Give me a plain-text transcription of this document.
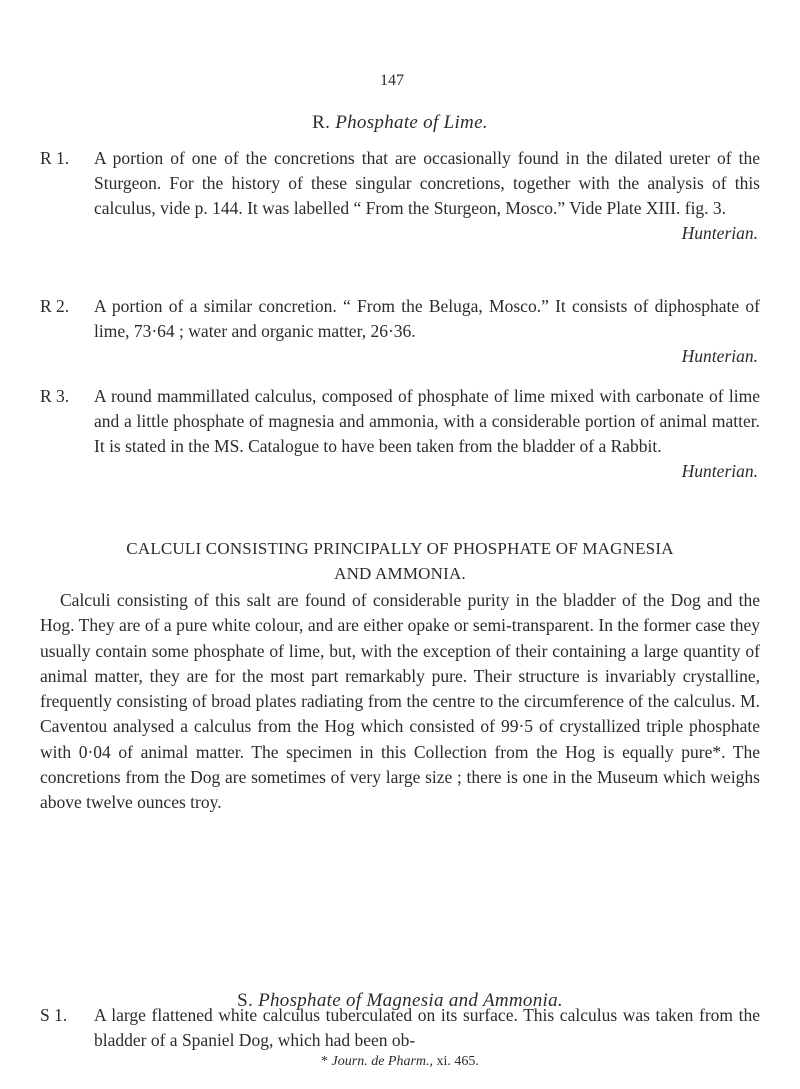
147
R. Phosphate of Lime.
R 1. A portion of one of the concretions that are occasionally found in the dilated ureter of the Sturgeon. For the history of these singular concretions, together with the analysis of this calculus, vide p. 144. It was labelled “ From the Sturgeon, Mosco.” Vide Plate XIII. fig. 3.
Hunterian.
R 2. A portion of a similar concretion. “ From the Beluga, Mosco.” It consists of diphosphate of lime, 73·64 ; water and organic matter, 26·36.
Hunterian.
R 3. A round mammillated calculus, composed of phosphate of lime mixed with carbonate of lime and a little phosphate of magnesia and ammonia, with a considerable portion of animal matter. It is stated in the MS. Catalogue to have been taken from the bladder of a Rabbit.
Hunterian.
CALCULI CONSISTING PRINCIPALLY OF PHOSPHATE OF MAGNESIA
AND AMMONIA.
Calculi consisting of this salt are found of considerable purity in the bladder of the Dog and the Hog. They are of a pure white colour, and are either opake or semi-transparent. In the former case they usually contain some phosphate of lime, but, with the exception of their containing a large quantity of animal matter, they are for the most part remarkably pure. Their structure is invariably crystalline, frequently consisting of broad plates radiating from the centre to the circumference of the calculus. M. Caventou analysed a calculus from the Hog which consisted of 99·5 of crystallized triple phosphate with 0·04 of animal matter. The specimen in this Collection from the Hog is equally pure*. The concretions from the Dog are sometimes of very large size ; there is one in the Museum which weighs above twelve ounces troy.
S. Phosphate of Magnesia and Ammonia.
S 1. A large flattened white calculus tuberculated on its surface. This calculus was taken from the bladder of a Spaniel Dog, which had been ob-
* Journ. de Pharm., xi. 465.
